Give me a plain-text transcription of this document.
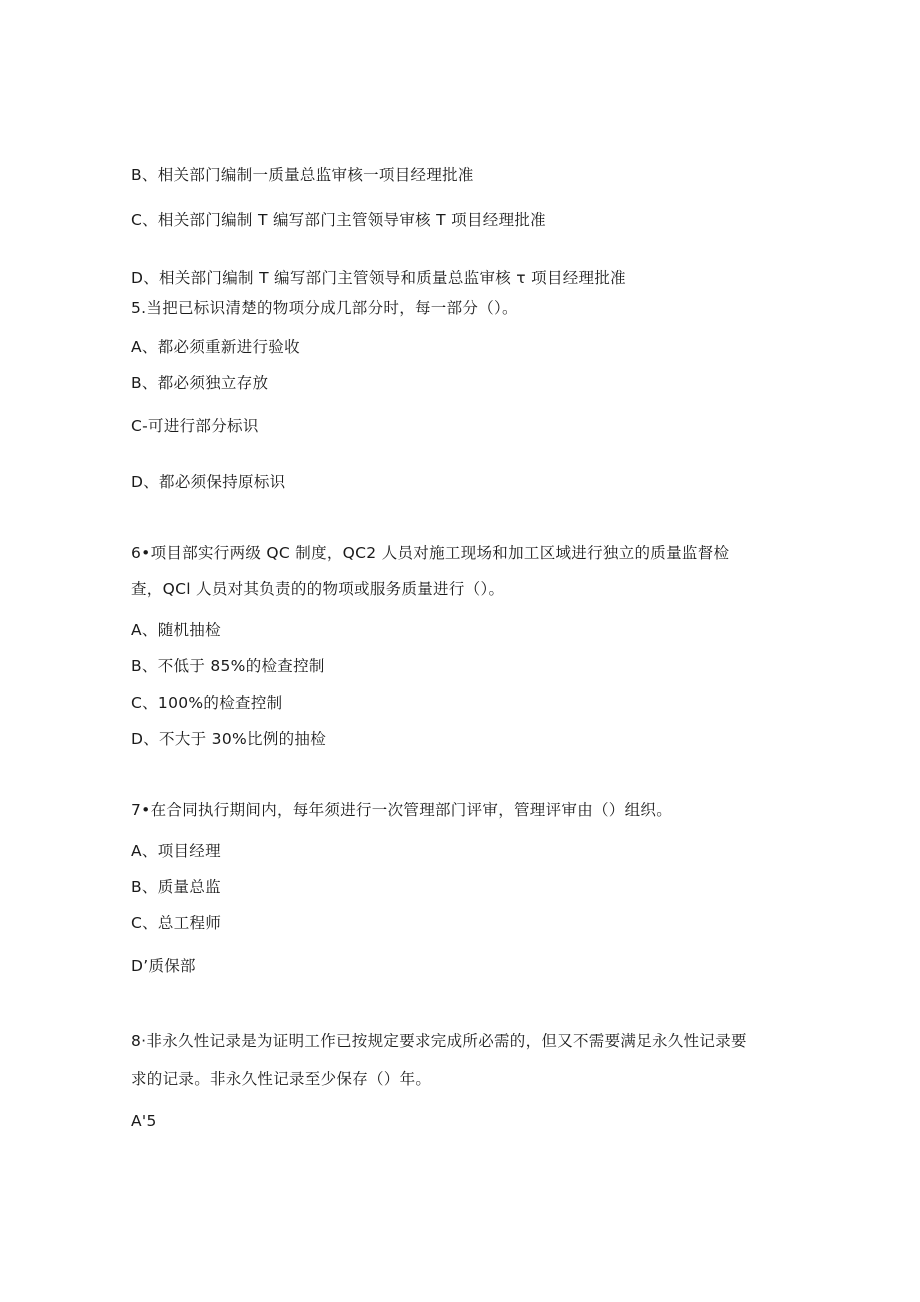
B、相关部门编制一质量总监审核一项目经理批准
C、相关部门编制 T 编写部门主管领导审核 T 项目经理批准
D、相关部门编制 T 编写部门主管领导和质量总监审核 τ 项目经理批准
5.当把已标识清楚的物项分成几部分时，每一部分（）。
A、都必须重新进行验收
B、都必须独立存放
C-可进行部分标识
D、都必须保持原标识
6•项目部实行两级 QC 制度，QC2 人员对施工现场和加工区域进行独立的质量监督检
查，QCl 人员对其负责的的物项或服务质量进行（）。
A、随机抽检
B、不低于 85%的检查控制
C、100%的检查控制
D、不大于 30%比例的抽检
7•在合同执行期间内，每年须进行一次管理部门评审，管理评审由（）组织。
A、项目经理
B、质量总监
C、总工程师
D’质保部
8·非永久性记录是为证明工作已按规定要求完成所必需的，但又不需要满足永久性记录要
求的记录。非永久性记录至少保存（）年。
A'5
